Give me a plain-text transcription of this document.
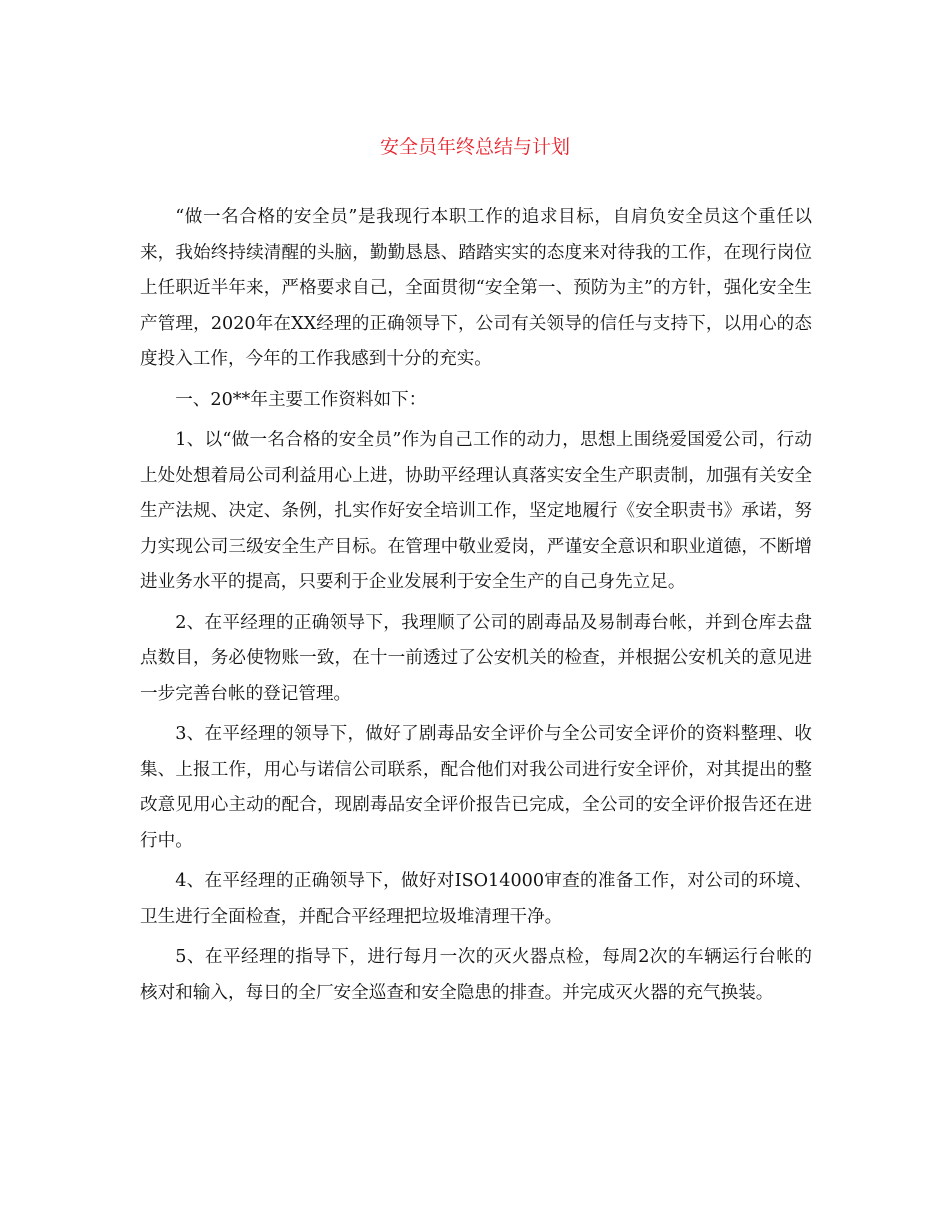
安全员年终总结与计划

“做一名合格的安全员”是我现行本职工作的追求目标，自肩负安全员这个重任以来，我始终持续清醒的头脑，勤勤恳恳、踏踏实实的态度来对待我的工作，在现行岗位上任职近半年来，严格要求自己，全面贯彻“安全第一、预防为主”的方针，强化安全生产管理，2020年在XX经理的正确领导下，公司有关领导的信任与支持下，以用心的态度投入工作，今年的工作我感到十分的充实。

一、20**年主要工作资料如下：

1、以“做一名合格的安全员”作为自己工作的动力，思想上围绕爱国爱公司，行动上处处想着局公司利益用心上进，协助平经理认真落实安全生产职责制，加强有关安全生产法规、决定、条例，扎实作好安全培训工作，坚定地履行《安全职责书》承诺，努力实现公司三级安全生产目标。在管理中敬业爱岗，严谨安全意识和职业道德，不断增进业务水平的提高，只要利于企业发展利于安全生产的自己身先立足。

2、在平经理的正确领导下，我理顺了公司的剧毒品及易制毒台帐，并到仓库去盘点数目，务必使物账一致，在十一前透过了公安机关的检查，并根据公安机关的意见进一步完善台帐的登记管理。

3、在平经理的领导下，做好了剧毒品安全评价与全公司安全评价的资料整理、收集、上报工作，用心与诺信公司联系，配合他们对我公司进行安全评价，对其提出的整改意见用心主动的配合，现剧毒品安全评价报告已完成，全公司的安全评价报告还在进行中。

4、在平经理的正确领导下，做好对ISO14000审查的准备工作，对公司的环境、卫生进行全面检查，并配合平经理把垃圾堆清理干净。

5、在平经理的指导下，进行每月一次的灭火器点检，每周2次的车辆运行台帐的核对和输入，每日的全厂安全巡查和安全隐患的排查。并完成灭火器的充气换装。
